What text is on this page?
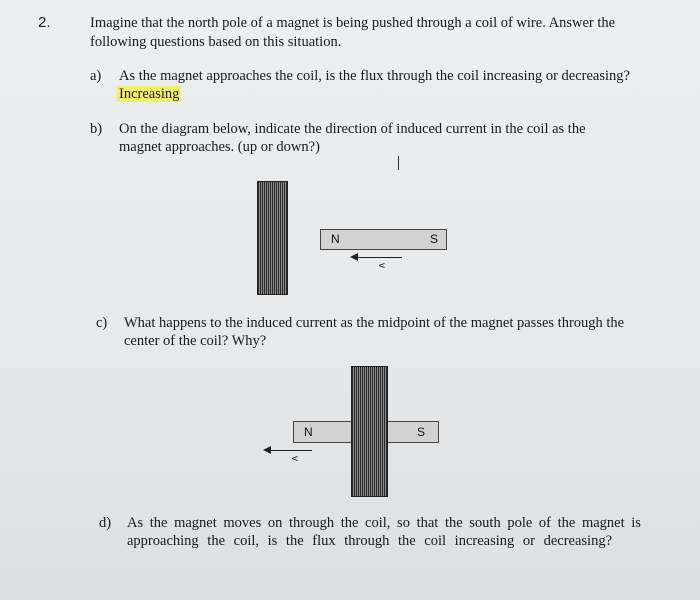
2.	Imagine that the north pole of a magnet is being pushed through a coil of wire. Answer the
following questions based on this situation.
a) As the magnet approaches the coil, is the flux through the coil increasing or decreasing?
Increasing
b) On the diagram below, indicate the direction of induced current in the coil as the
magnet approaches. (up or down?)
N	S
v
c) What happens to the induced current as the midpoint of the magnet passes through the
center of the coil? Why?
N	S
v
d) As the magnet moves on through the coil, so that the south pole of the magnet is
approaching the coil, is the flux through the coil increasing or decreasing?
